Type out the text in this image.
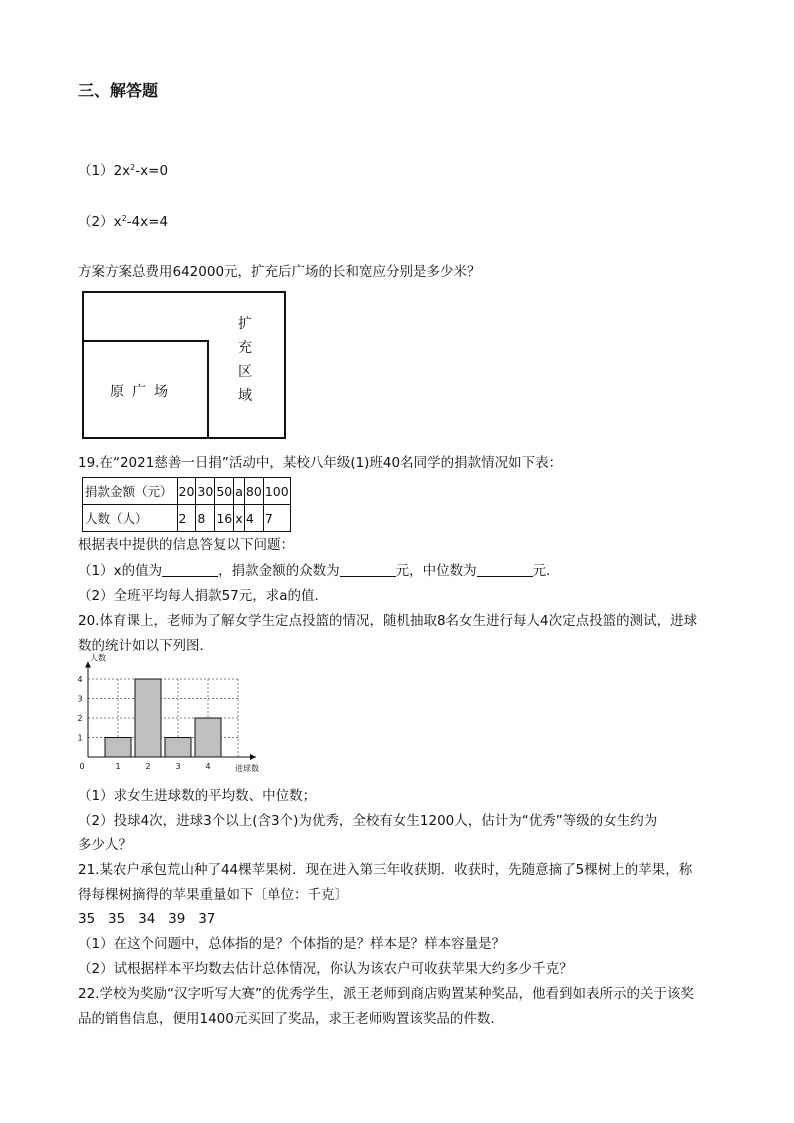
三、解答题
$(1)2x^2-x=0$
$(2)x^2-4x=4$
方案方案总费用642000元，扩充后广场的长和宽应分别是多少米？
原广场
扩
充
区
域
19.在“2021慈善一日捐”活动中，某校八年级(1)班40名同学的捐款情况如下表：
捐款金额（元）	20	30	50	a	80	100
人数（人）	2	8	16	x	4	7
根据表中提供的信息答复以下问题：
（1）x的值为	，捐款金额的众数为	元，中位数为	元．
（2）全班平均每人捐款57元，求a的值．
20.体育课上，老师为了解女学生定点投篮的情况，随机抽取8名女生进行每人4次定点投篮的测试，进球
数的统计如以下列图．
0	1	2	3	4
1
2
3
4
进球数
人数
（1）求女生进球数的平均数、中位数；
（2）投球4次，进球3个以上(含3个)为优秀，全校有女生1200人，估计为“优秀”等级的女生约为
多少人？
21.某农户承包荒山种了44棵苹果树．现在进入第三年收获期．收获时，先随意摘了5棵树上的苹果，称
得每棵树摘得的苹果重量如下〔单位：千克〕
35   35   34   39   37
（1）在这个问题中，总体指的是？个体指的是？样本是？样本容量是？
（2）试根据样本平均数去估计总体情况，你认为该农户可收获苹果大约多少千克？
22.学校为奖励“汉字听写大赛”的优秀学生，派王老师到商店购置某种奖品，他看到如表所示的关于该奖
品的销售信息，便用1400元买回了奖品，求王老师购置该奖品的件数.
